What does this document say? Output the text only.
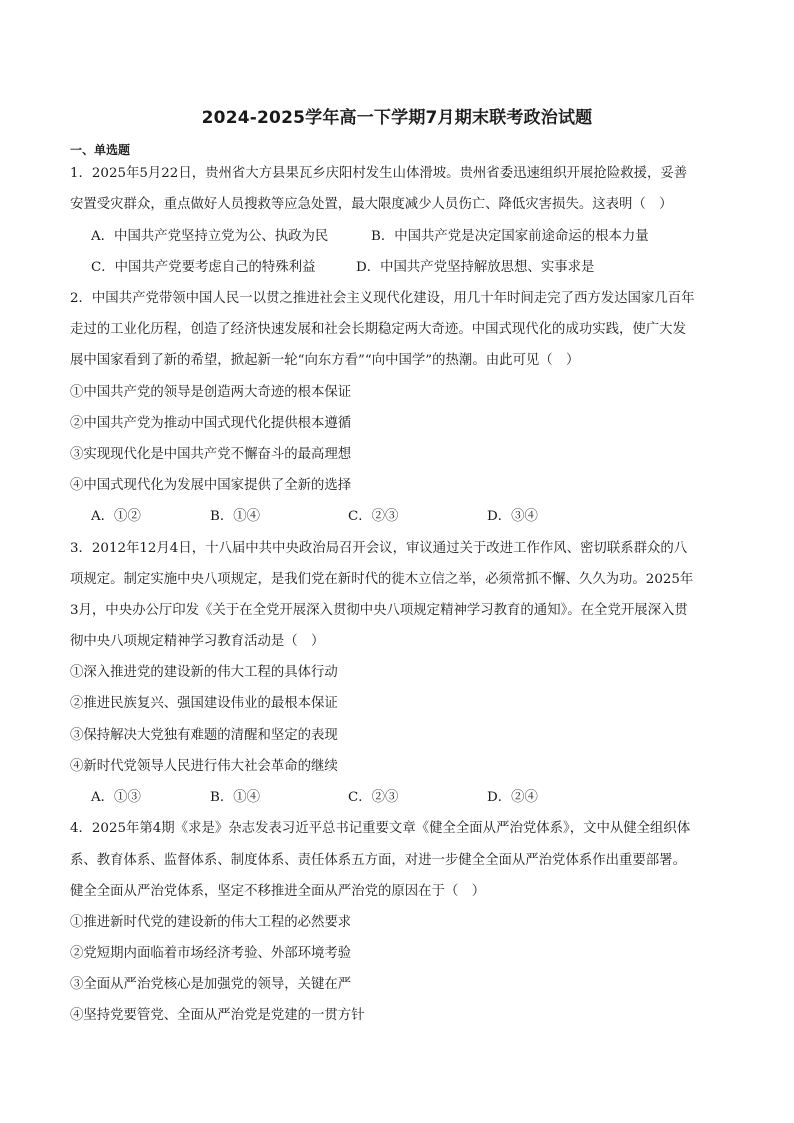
2024-2025学年高一下学期7月期末联考政治试题
一、单选题
1．2025年5月22日，贵州省大方县果瓦乡庆阳村发生山体滑坡。贵州省委迅速组织开展抢险救援，妥善
安置受灾群众，重点做好人员搜救等应急处置，最大限度减少人员伤亡、降低灾害损失。这表明（　）
A．中国共产党坚持立党为公、执政为民	B．中国共产党是决定国家前途命运的根本力量
C．中国共产党要考虑自己的特殊利益	D．中国共产党坚持解放思想、实事求是
2．中国共产党带领中国人民一以贯之推进社会主义现代化建设，用几十年时间走完了西方发达国家几百年
走过的工业化历程，创造了经济快速发展和社会长期稳定两大奇迹。中国式现代化的成功实践，使广大发
展中国家看到了新的希望，掀起新一轮“向东方看”“向中国学”的热潮。由此可见（　）
①中国共产党的领导是创造两大奇迹的根本保证
②中国共产党为推动中国式现代化提供根本遵循
③实现现代化是中国共产党不懈奋斗的最高理想
④中国式现代化为发展中国家提供了全新的选择
A．①②	B．①④	C．②③	D．③④
3．2012年12月4日，十八届中共中央政治局召开会议，审议通过关于改进工作作风、密切联系群众的八
项规定。制定实施中央八项规定，是我们党在新时代的徙木立信之举，必须常抓不懈、久久为功。2025年
3月，中央办公厅印发《关于在全党开展深入贯彻中央八项规定精神学习教育的通知》。在全党开展深入贯
彻中央八项规定精神学习教育活动是（　）
①深入推进党的建设新的伟大工程的具体行动
②推进民族复兴、强国建设伟业的最根本保证
③保持解决大党独有难题的清醒和坚定的表现
④新时代党领导人民进行伟大社会革命的继续
A．①③	B．①④	C．②③	D．②④
4．2025年第4期《求是》杂志发表习近平总书记重要文章《健全全面从严治党体系》，文中从健全组织体
系、教育体系、监督体系、制度体系、责任体系五方面，对进一步健全全面从严治党体系作出重要部署。
健全全面从严治党体系，坚定不移推进全面从严治党的原因在于（　）
①推进新时代党的建设新的伟大工程的必然要求
②党短期内面临着市场经济考验、外部环境考验
③全面从严治党核心是加强党的领导，关键在严
④坚持党要管党、全面从严治党是党建的一贯方针
